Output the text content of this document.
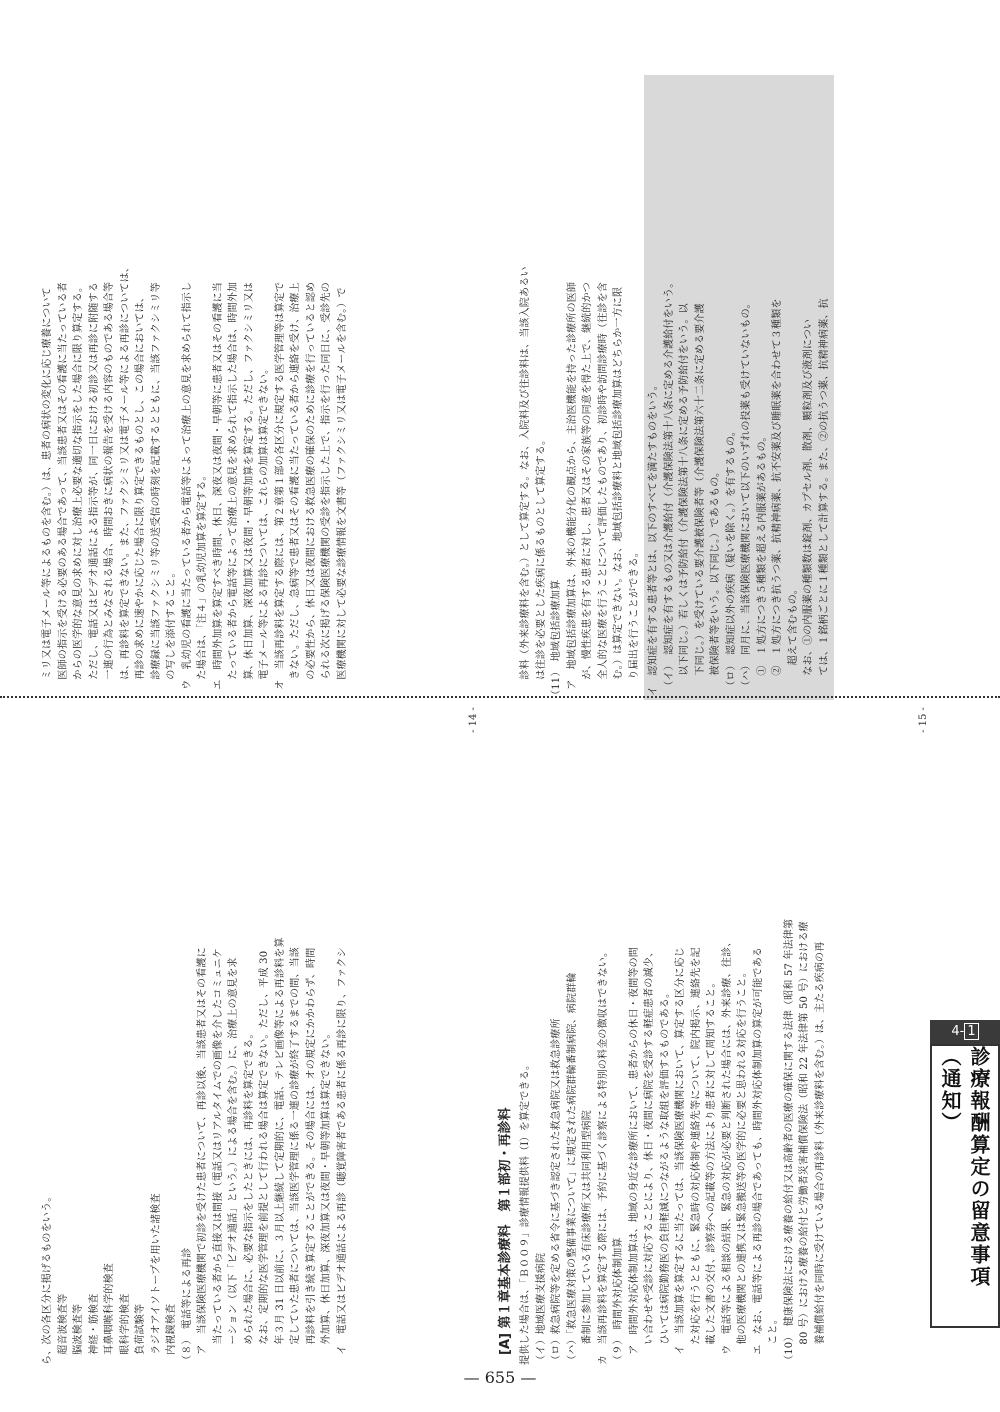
ら、次の各区分に掲げるものをいう。 　超音波検査等 　脳波検査等 　神経・筋検査 　耳鼻咽喉科学的検査 　眼科学的検査 　負荷試験等 　ラジオアイソトープを用いた諸検査 　内視鏡検査 （８）　電話等による再診 　ア　当該保険医療機関で初診を受けた患者について、再診以後、当該患者又はその看護に 　　当たっている者から直接又は間接（電話又はリアルタイムでの画像を介したコミュニケ 　　ーション（以下「ビデオ通話」という。）による場合を含む。）に、治療上の意見を求 　　められた場合に、必要な指示をしたときには、再診料を算定できる。 　　なお、定期的な医学管理を前提として行われる場合は算定できない。ただし、平成 30 　　年３月 31 日以前に、３月以上継続して定期的に、電話、テレビ画像等による再診料を算 　　定していた患者については、当該医学管理に係る一連の診療が終了するまでの間、当該 　　再診料を引き続き算定することができる。その場合には、オの規定にかかわらず、時間 　　外加算、休日加算、深夜加算又は夜間・早朝等加算は算定できない。 　イ　電話又はビデオ通話による再診（聴覚障害者である患者に係る再診に限り、ファクシ

　　ミリ又は電子メール等によるものを含む。）は、患者の病状の変化に応じ療養について 　　医師の指示を受ける必要のある場合であって、当該患者又はその看護に当たっている者 　　からの医学的な意見の求めに対し治療上必要な適切な指示をした場合に限り算定する。 　　ただし、電話又はビデオ通話による指示等が、同一日における初診又は再診に附随する 　　一連の行為とみなされる場合、時間おきに病状の報告を受ける内容のものである場合等 　　は、再診料を算定できない。また、ファクシミリ又は電子メール等による再診については、 　　再診の求めに速やかに応じた場合に限り算定できるものとし、この場合においては、 　　診療録に当該ファクシミリ等の送受信の時刻を記載するとともに、当該ファクシミリ等 　　の写しを添付すること。 　ウ　乳幼児の看護に当たっている者から電話等によって治療上の意見を求められて指示し 　　た場合は、「注４」の乳幼児加算を算定する。 　エ　時間外加算を算定すべき時間、休日、深夜又は夜間・早朝等に患者又はその看護に当 　　たっている者から電話等によって治療上の意見を求められて指示した場合は、時間外加 　　算、休日加算、深夜加算又は夜間・早朝等加算を算定する。ただし、ファクシミリ又は 　　電子メール等による再診については、これらの加算は算定できない。 　オ　当該再診料を算定する際には、第２章第１部の各区分に規定する医学管理等は算定で 　　きない。ただし、急病等で患者又はその看護に当たっている者から連絡を受け、治療上 　　の必要性から、休日又は夜間における救急医療の確保のために診療を行っていると認め 　　られる次に掲げる保険医療機関の受診を指示した上で、指示を行った同日に、受診先の 　　医療機関に対して必要な診療情報を文書等（ファクシミリ又は電子メールを含む。）で

- 14 -
[A] 第１章基本診療料　第１部初・再診料 提供した場合は、「Ｂ００９」診療情報提供料（Ⅰ）を算定できる。 （イ）地域医療支援病院 （ロ）救急病院等を定める省令に基づき認定された救急病院又は救急診療所 （ハ）「救急医療対策の整備事業について」に規定された病院群輪番制病院、病院群輪 　　番制に参加している有床診療所又は共同利用型病院 カ　当該再診料を算定する際には、予約に基づく診察による特別の料金の徴収はできない。 （９）　時間外対応体制加算 　ア　時間外対応体制加算は、地域の身近な診療所において、患者からの休日・夜間等の問 　　い合わせや受診に対応することにより、休日・夜間に病院を受診する軽症患者の減少、 　　ひいては病院勤務医の負担軽減につながるような取組を評価するものである。 　イ　当該加算を算定するに当たっては、当該保険医療機関において、算定する区分に応じ 　　た対応を行うとともに、緊急時の対応体制や連絡先等について、院内掲示、連絡先を記 　　載した文書の交付、診察券への記載等の方法により患者に対して周知すること。 　ウ　電話等による相談の結果、緊急の対応が必要と判断された場合には、外来診療、往診、 　　他の医療機関との連携又は緊急搬送等の医学的に必要と思われる対応を行うこと。 　エ　なお、電話等による再診の場合であっても、時間外対応体制加算の算定が可能である 　　こと。 （10）　健康保険法における療養の給付又は高齢者の医療の確保に関する法律（昭和 57 年法律第 　　80 号）における療養の給付と労働者災害補償保険法（昭和 22 年法律第 50 号）における療 　　養補償給付を同時に受けている場合の再診料（外来診療料を含む。）は、主たる疾病の再

　　診料（外来診療料を含む。）として算定する。なお、入院料及び往診料は、当該入院あるい 　　は往診を必要とした疾病に係るものとして算定する。 （11）　地域包括診療加算 　ア　地域包括診療加算は、外来の機能分化の観点から、主治医機能を持った診療所の医師 　　が、慢性疾患を有する患者に対し、患者又はその家族等の同意を得た上で、継続的かつ 　　全人的な医療を行うことについて評価したものであり、初診時や訪問診療時（往診を含 　　む。）は算定できない。なお、地域包括診療料と地域包括診療加算はどちらか一方に限 　　り届出を行うことができる。 イ　認知症を有する患者等とは、以下のすべてを満たすものをいう。 　（イ）　認知症を有するもの又は介護給付（介護保険法第十八条に定める介護給付をいう。 　　以下同じ。）若しくは予防給付（介護保険法第十八条に定める予防給付をいう。以 　　下同じ。）を受けている要介護被保険者等（介護保険法第六十二条に定める要介護 　　被保険者等をいう。以下同じ。）であるもの。 　（ロ）　認知症以外の疾病（疑いを除く。）を有するもの。 　（ハ）　同月に、当該保険医療機関において以下のいずれの投薬も受けていないもの。 　　①　１処方につき５種類を超える内服薬があるもの。 　　②　１処方につき抗うつ薬、抗精神病薬、抗不安薬及び睡眠薬を合わせて３種類を 　　　超えて含むもの。 　　なお、①の内服薬の種類数は錠剤、カプセル剤、散剤、顆粒剤及び液剤につい 　　ては、１銘柄ごとに１種類として計算する。また、②の抗うつ薬、抗精神病薬、抗

- 15 -
4- 1
診療報酬算定の留意事項（通知）
— 655 —
